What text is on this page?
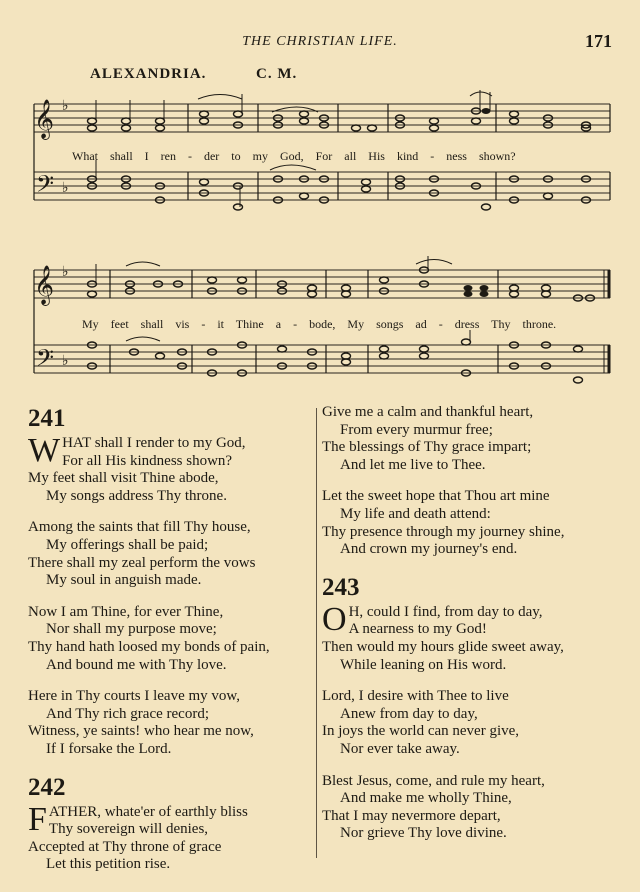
THE CHRISTIAN LIFE.	171
ALEXANDRIA.	C. M.
𝄞
𝄢
𝄞
𝄢
♭
♭
♭
♭
What shall I ren - der to my God, For all His kind - ness shown?
My feet shall vis - it Thine a - bode, My songs ad - dress Thy throne.
241
WHAT shall I render to my God,
For all His kindness shown?
My feet shall visit Thine abode,
My songs address Thy throne.
Among the saints that fill Thy house,
My offerings shall be paid;
There shall my zeal perform the vows
My soul in anguish made.
Now I am Thine, for ever Thine,
Nor shall my purpose move;
Thy hand hath loosed my bonds of pain,
And bound me with Thy love.
Here in Thy courts I leave my vow,
And Thy rich grace record;
Witness, ye saints! who hear me now,
If I forsake the Lord.
242
FATHER, whate'er of earthly bliss
Thy sovereign will denies,
Accepted at Thy throne of grace
Let this petition rise.
Give me a calm and thankful heart,
From every murmur free;
The blessings of Thy grace impart;
And let me live to Thee.
Let the sweet hope that Thou art mine
My life and death attend:
Thy presence through my journey shine,
And crown my journey's end.
243
O H, could I find, from day to day,
A nearness to my God!
Then would my hours glide sweet away,
While leaning on His word.
Lord, I desire with Thee to live
Anew from day to day,
In joys the world can never give,
Nor ever take away.
Blest Jesus, come, and rule my heart,
And make me wholly Thine,
That I may nevermore depart,
Nor grieve Thy love divine.
